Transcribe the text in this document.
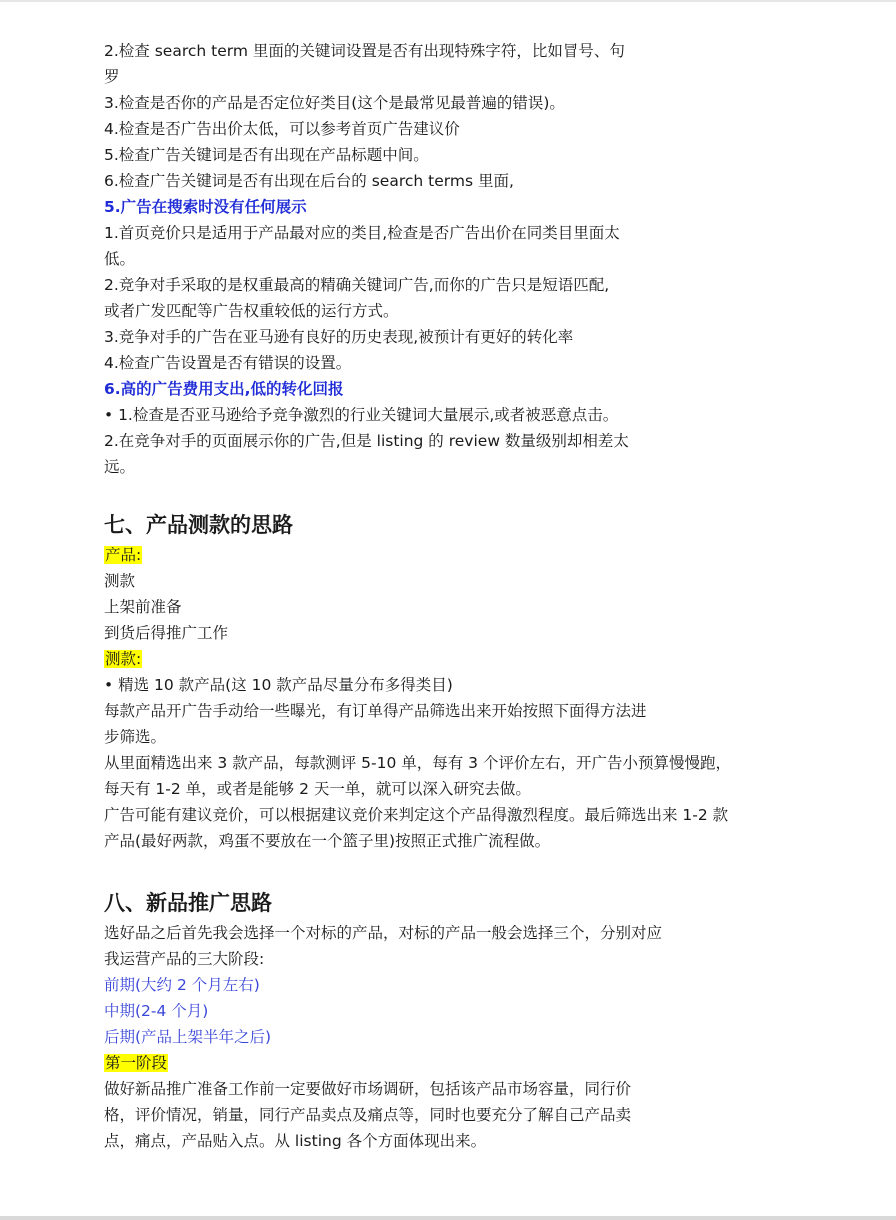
2.检查 search term 里面的关键词设置是否有出现特殊字符，比如冒号、句

罗

3.检查是否你的产品是否定位好类目(这个是最常见最普遍的错误)。

4.检查是否广告出价太低，可以参考首页广告建议价

5.检查广告关键词是否有出现在产品标题中间。

6.检查广告关键词是否有出现在后台的 search terms 里面,

5.广告在搜索时没有任何展示

1.首页竞价只是适用于产品最对应的类目,检查是否广告出价在同类目里面太

低。

2.竞争对手采取的是权重最高的精确关键词广告,而你的广告只是短语匹配,

或者广发匹配等广告权重较低的运行方式。

3.竞争对手的广告在亚马逊有良好的历史表现,被预计有更好的转化率

4.检查广告设置是否有错误的设置。

6.高的广告费用支出,低的转化回报

• 1.检查是否亚马逊给予竞争激烈的行业关键词大量展示,或者被恶意点击。

2.在竞争对手的页面展示你的广告,但是 listing 的 review 数量级别却相差太

远。

七、产品测款的思路

产品:

测款

上架前准备

到货后得推广工作

测款:

• 精选 10 款产品(这 10 款产品尽量分布多得类目)

每款产品开广告手动给一些曝光，有订单得产品筛选出来开始按照下面得方法进

步筛选。

从里面精选出来 3 款产品，每款测评 5-10 单，每有 3 个评价左右，开广告小预算慢慢跑，

每天有 1-2 单，或者是能够 2 天一单，就可以深入研究去做。

广告可能有建议竞价，可以根据建议竞价来判定这个产品得激烈程度。最后筛选出来 1-2 款

产品(最好两款，鸡蛋不要放在一个篮子里)按照正式推广流程做。

八、新品推广思路

选好品之后首先我会选择一个对标的产品，对标的产品一般会选择三个，分别对应

我运营产品的三大阶段:

前期(大约 2 个月左右)

中期(2-4 个月)

后期(产品上架半年之后)

第一阶段

做好新品推广准备工作前一定要做好市场调研，包括该产品市场容量，同行价

格，评价情况，销量，同行产品卖点及痛点等，同时也要充分了解自己产品卖

点，痛点，产品贴入点。从 listing 各个方面体现出来。
